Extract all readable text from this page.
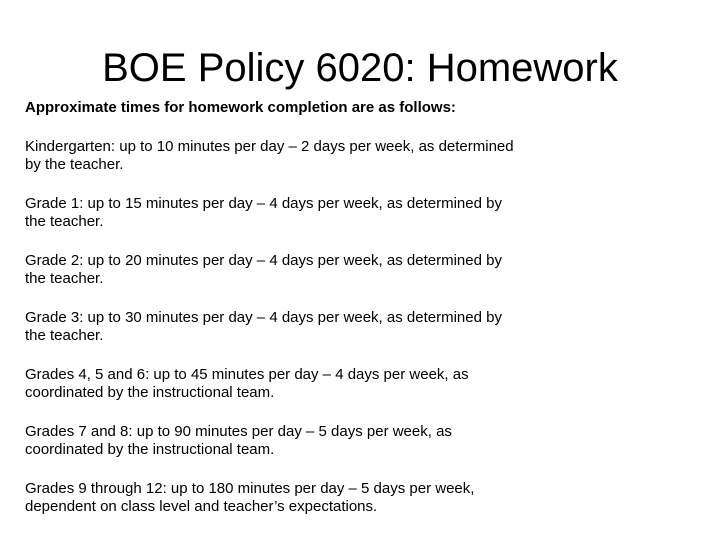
BOE Policy 6020: Homework

Approximate times for homework completion are as follows:

Kindergarten: up to 10 minutes per day – 2 days per week, as determined
by the teacher.
Grade 1: up to 15 minutes per day – 4 days per week, as determined by
the teacher.
Grade 2: up to 20 minutes per day – 4 days per week, as determined by
the teacher.
Grade 3: up to 30 minutes per day – 4 days per week, as determined by
the teacher.
Grades 4, 5 and 6: up to 45 minutes per day – 4 days per week, as
coordinated by the instructional team.
Grades 7 and 8: up to 90 minutes per day – 5 days per week, as
coordinated by the instructional team.
Grades 9 through 12: up to 180 minutes per day – 5 days per week,
dependent on class level and teacher’s expectations.
